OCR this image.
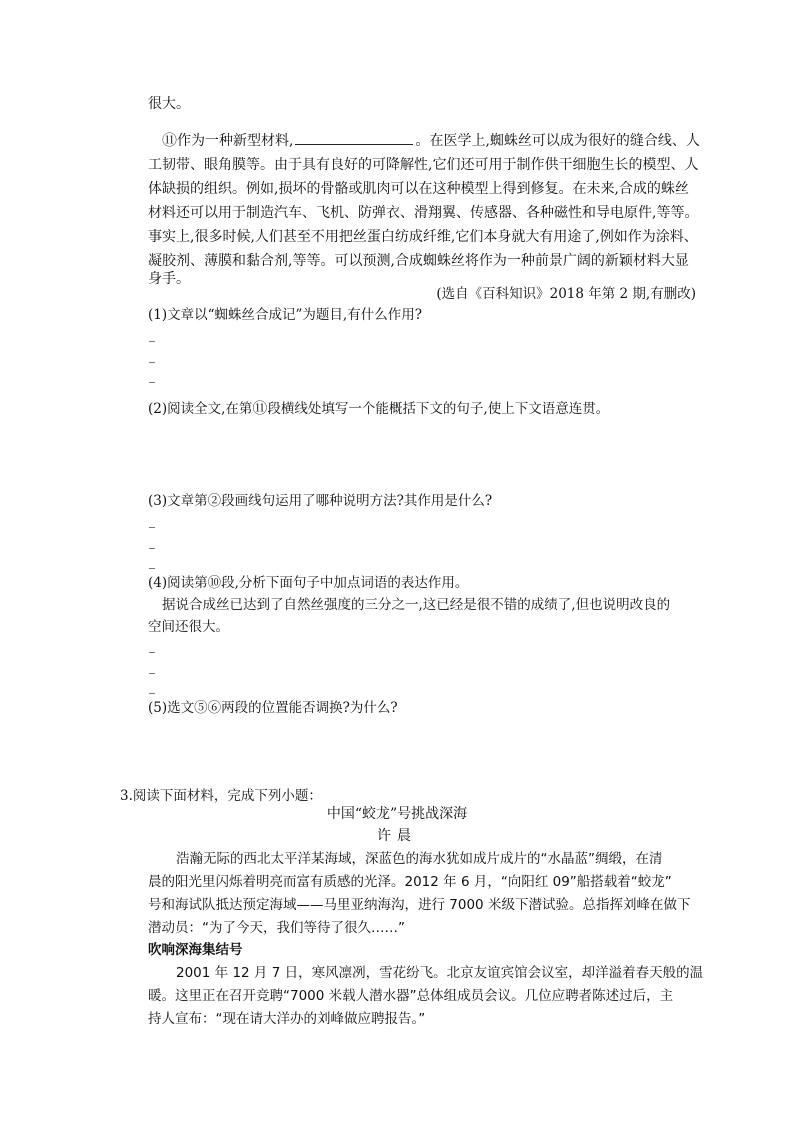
很大。
⑪作为一种新型材料,	。在医学上,蜘蛛丝可以成为很好的缝合线、人
工韧带、眼角膜等。由于具有良好的可降解性,它们还可用于制作供干细胞生长的模型、人
体缺损的组织。例如,损坏的骨骼或肌肉可以在这种模型上得到修复。在未来,合成的蛛丝
材料还可以用于制造汽车、飞机、防弹衣、滑翔翼、传感器、各种磁性和导电原件,等等。
事实上,很多时候,人们甚至不用把丝蛋白纺成纤维,它们本身就大有用途了,例如作为涂料、
凝胶剂、薄膜和黏合剂,等等。可以预测,合成蜘蛛丝将作为一种前景广阔的新颖材料大显
身手。
(选自《百科知识》2018 年第 2 期,有删改)
(1)文章以“蜘蛛丝合成记”为题目,有什么作用?
(2)阅读全文,在第⑪段横线处填写一个能概括下文的句子,使上下文语意连贯。
(3)文章第②段画线句运用了哪种说明方法?其作用是什么?
(4)阅读第⑩段,分析下面句子中加点词语的表达作用。
据说合成丝已达到了自然丝强度的三分之一,这已经是很不错的成绩了,但也说明改良的
空间还很大。
(5)选文⑤⑥两段的位置能否调换?为什么?
3.阅读下面材料，完成下列小题：
中国“蛟龙”号挑战深海
许晨
浩瀚无际的西北太平洋某海域，深蓝色的海水犹如成片成片的“水晶蓝”绸缎，在清
晨的阳光里闪烁着明亮而富有质感的光泽。2012 年 6 月，“向阳红 09”船搭载着“蛟龙”
号和海试队抵达预定海域——马里亚纳海沟，进行 7000 米级下潜试验。总指挥刘峰在做下
潜动员：“为了今天，我们等待了很久……”
吹响深海集结号
2001 年 12 月 7 日，寒风凛冽，雪花纷飞。北京友谊宾馆会议室，却洋溢着春天般的温
暖。这里正在召开竞聘“7000 米载人潜水器”总体组成员会议。几位应聘者陈述过后，主
持人宣布：“现在请大洋办的刘峰做应聘报告。”
